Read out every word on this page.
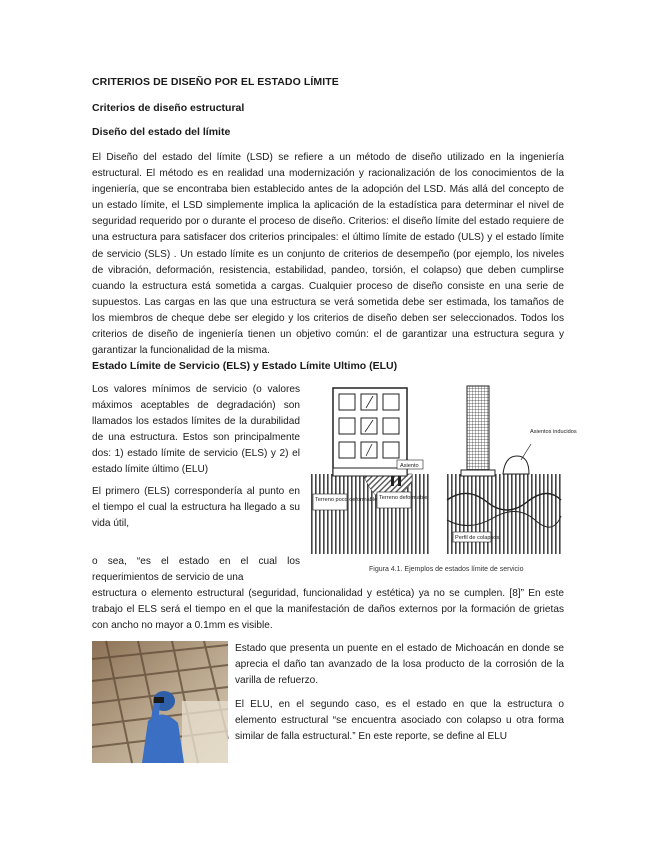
CRITERIOS DE DISEÑO POR EL ESTADO LÍMITE
Criterios de diseño estructural
Diseño del estado del límite

El Diseño del estado del límite (LSD) se refiere a un método de diseño utilizado en la ingeniería estructural. El método es en realidad una modernización y racionalización de los conocimientos de la ingeniería, que se encontraba bien establecido antes de la adopción del LSD. Más allá del concepto de un estado límite, el LSD simplemente implica la aplicación de la estadística para determinar el nivel de seguridad requerido por o durante el proceso de diseño. Criterios: el diseño límite del estado requiere de una estructura para satisfacer dos criterios principales: el último límite de estado (ULS) y el estado límite de servicio (SLS) . Un estado límite es un conjunto de criterios de desempeño (por ejemplo, los niveles de vibración, deformación, resistencia, estabilidad, pandeo, torsión, el colapso) que deben cumplirse cuando la estructura está sometida a cargas. Cualquier proceso de diseño consiste en una serie de supuestos. Las cargas en las que una estructura se verá sometida debe ser estimada, los tamaños de los miembros de cheque debe ser elegido y los criterios de diseño deben ser seleccionados. Todos los criterios de diseño de ingeniería tienen un objetivo común: el de garantizar una estructura segura y garantizar la funcionalidad de la misma.

Estado Límite de Servicio (ELS) y Estado Límite Ultimo (ELU)

Los valores mínimos de servicio (o valores máximos aceptables de degradación) son llamados los estados límites de la durabilidad de una estructura. Estos son principalmente dos: 1) estado límite de servicio (ELS) y 2) el estado límite último (ELU)

El primero (ELS) correspondería al punto en el tiempo el cual la estructura ha llegado a su vida útil,

o sea, “es el estado en el cual los requerimientos de servicio de una

estructura o elemento estructural (seguridad, funcionalidad y estética) ya no se cumplen. [8]” En este trabajo el ELS será el tiempo en el que la manifestación de daños externos por la formación de grietas con ancho no mayor a 0.1mm es visible.

Terreno poco deformable Terreno deformable
Asiento
Asientos inducidos
Perfil de colapsos
Figura 4.1. Ejemplos de estados límite de servicio

Estado que presenta un puente en el estado de Michoacán en donde se aprecia el daño tan avanzado de la losa producto de la corrosión de la varilla de refuerzo.

El ELU, en el segundo caso, es el estado en que la estructura o elemento estructural “se encuentra asociado con colapso u otra forma similar de falla estructural.” En este reporte, se define al ELU
